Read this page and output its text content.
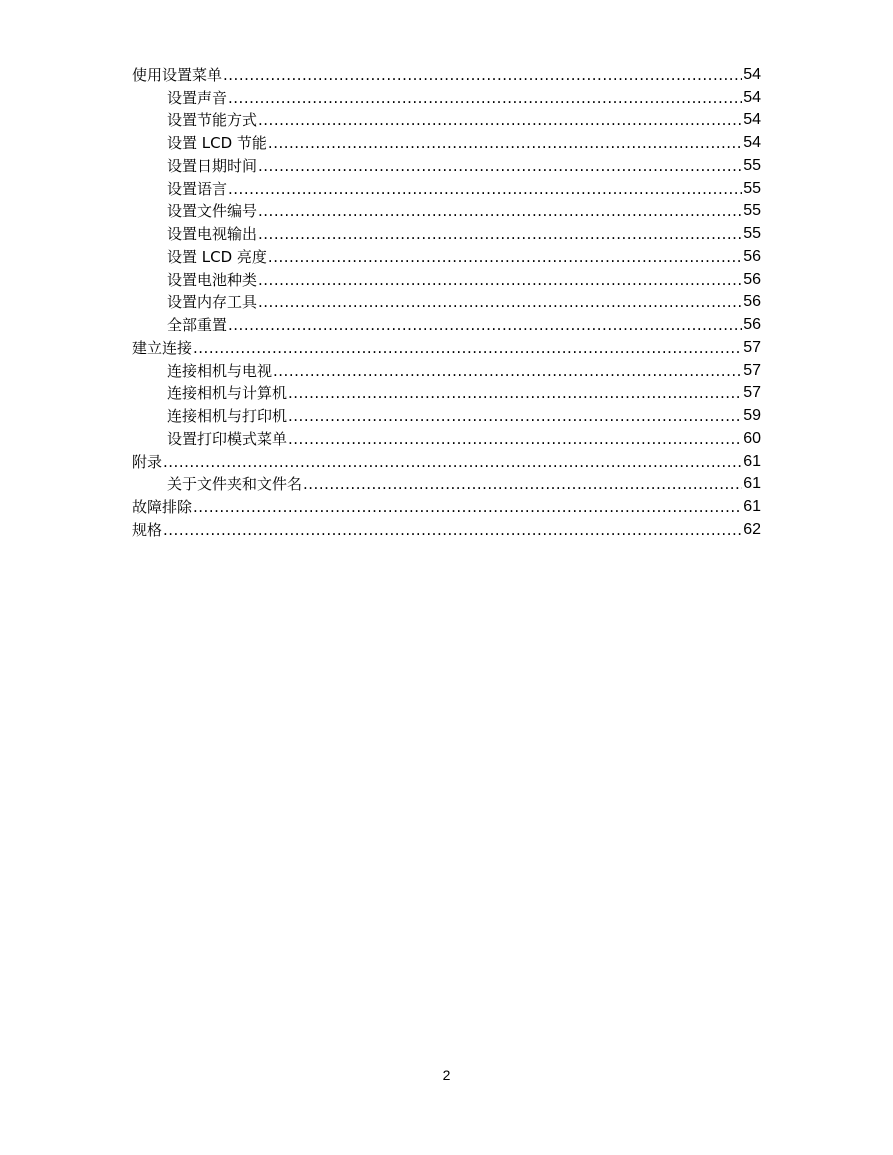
使用设置菜单 .....	54
设置声音 .....	54
设置节能方式 .....	54
设置 LCD 节能 .....	54
设置日期时间 .....	55
设置语言 .....	55
设置文件编号 .....	55
设置电视输出 .....	55
设置 LCD 亮度 .....	56
设置电池种类 .....	56
设置内存工具 .....	56
全部重置 .....	56
建立连接 .....	57
连接相机与电视 .....	57
连接相机与计算机 .....	57
连接相机与打印机 .....	59
设置打印模式菜单 .....	60
附录 .....	61
关于文件夹和文件名 .....	61
故障排除 .....	61
规格 .....	62
2
